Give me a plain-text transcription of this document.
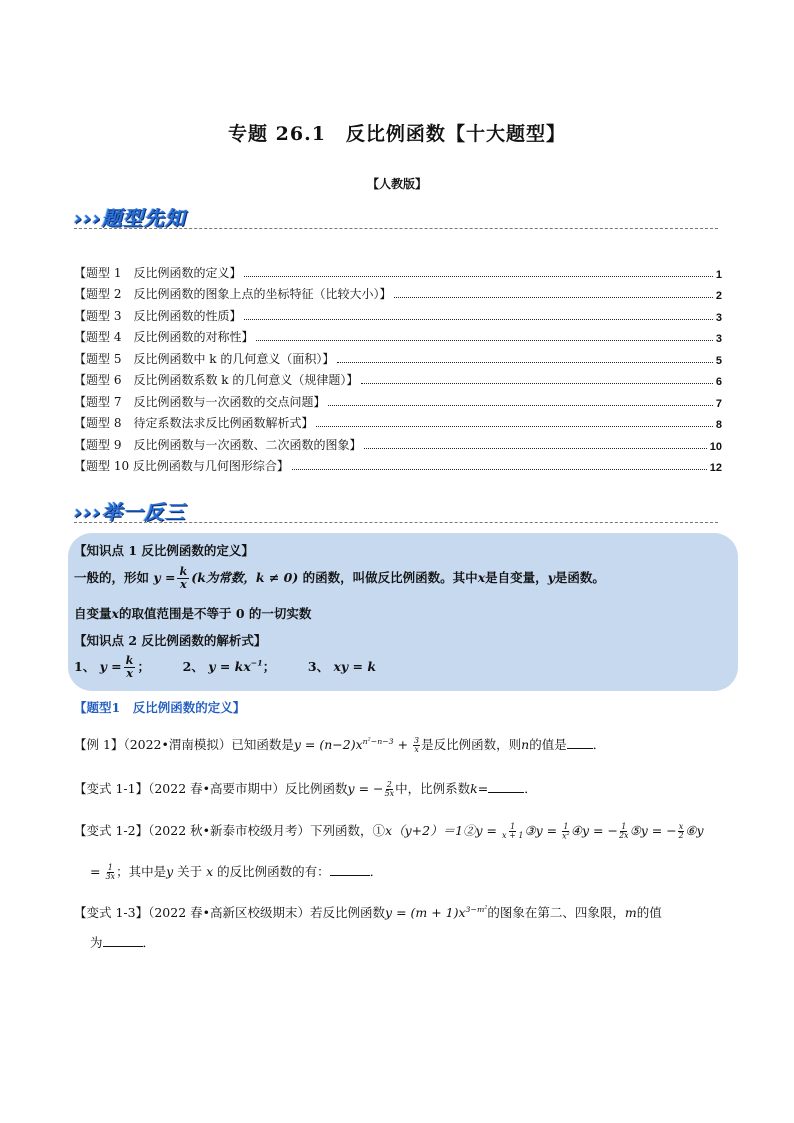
专题 26.1　反比例函数【十大题型】
【人教版】
›››题型先知
【题型 1　反比例函数的定义】	1
【题型 2　反比例函数的图象上点的坐标特征（比较大小）】	2
【题型 3　反比例函数的性质】	3
【题型 4　反比例函数的对称性】	3
【题型 5　反比例函数中 k 的几何意义（面积）】	5
【题型 6　反比例函数系数 k 的几何意义（规律题）】	6
【题型 7　反比例函数与一次函数的交点问题】	7
【题型 8　待定系数法求反比例函数解析式】	8
【题型 9　反比例函数与一次函数、二次函数的图象】	10
【题型 10 反比例函数与几何图形综合】	12
›››举一反三
【知识点 1 反比例函数的定义】
一般的，形如 $y = \frac{k}{x} (k$为常数，k ≠ 0) 的函数，叫做反比例函数。其中x是自变量，y是函数。
自变量x的取值范围是不等于 0 的一切实数
【知识点 2 反比例函数的解析式】
1、 $y = \frac{k}{x}$ ；  2、 $y = kx^{-1}$；  3、 xy = k
【题型1　反比例函数的定义】
【例 1】（2022•渭南模拟）已知函数是$y = (n-2)x^{n^2-n-3} + \frac{3}{x}$ 是反比例函数，则n的值是 ．
【变式 1-1】（2022 春•高要市期中）反比例函数y = − $\frac{2}{5x}$ 中，比例系数k=	．
【变式 1-2】（2022 秋•新泰市校级月考）下列函数，①x（y+2）＝1②y = $\frac{1}{x + 1}$ ③y = $\frac{1}{x^2}$ ④y = − $\frac{1}{2x}$ ⑤y = − $\frac{x}{2}$ ⑥y
= $\frac{1}{3x}$ ；其中是y 关于 x 的反比例函数的有：	．
【变式 1-3】（2022 春•高新区校级期末）若反比例函数$y = (m + 1)x^{3-m^2}$的图象在第二、四象限，m的值
为	．
